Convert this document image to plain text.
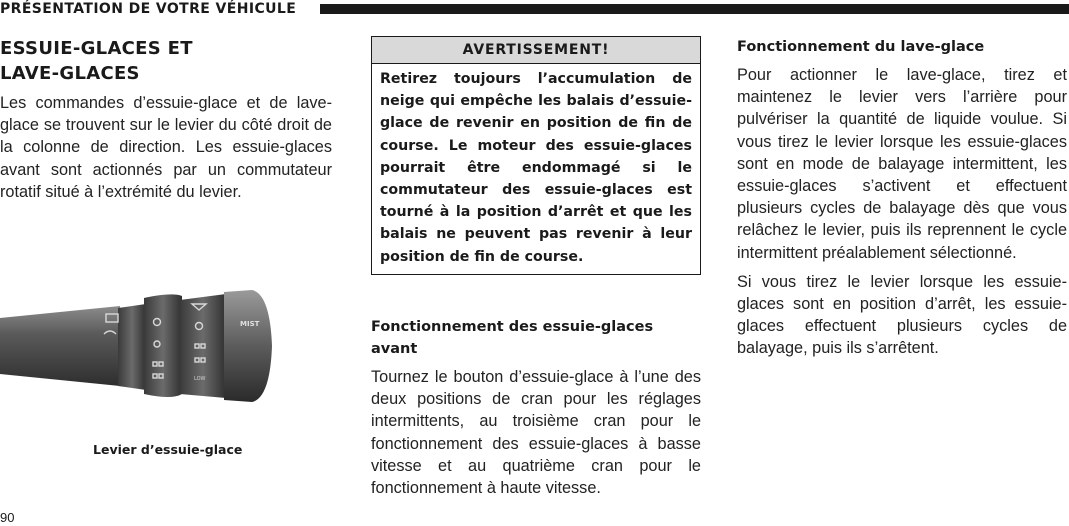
PRÉSENTATION DE VOTRE VÉHICULE
ESSUIE-GLACES ET LAVE-GLACES

Les commandes d’essuie-glace et de lave-glace se trouvent sur le levier du côté droit de la colonne de direction. Les essuie-glaces avant sont actionnés par un commutateur rotatif situé à l’extrémité du levier.

MIST
LOW
Levier d’essuie-glace
AVERTISSEMENT!

Retirez toujours l’accumulation de neige qui empêche les balais d’essuie-glace de revenir en position de fin de course. Le moteur des essuie-glaces pourrait être endommagé si le commutateur des essuie-glaces est tourné à la position d’arrêt et que les balais ne peuvent pas revenir à leur position de fin de course.

Fonctionnement des essuie-glaces avant

Tournez le bouton d’essuie-glace à l’une des deux positions de cran pour les réglages intermittents, au troisième cran pour le fonctionnement des essuie-glaces à basse vitesse et au quatrième cran pour le fonctionnement à haute vitesse.

Fonctionnement du lave-glace

Pour actionner le lave-glace, tirez et maintenez le levier vers l’arrière pour pulvériser la quantité de liquide voulue. Si vous tirez le levier lorsque les essuie-glaces sont en mode de balayage intermittent, les essuie-glaces s’activent et effectuent plusieurs cycles de balayage dès que vous relâchez le levier, puis ils reprennent le cycle intermittent préalablement sélectionné.

Si vous tirez le levier lorsque les essuie-glaces sont en position d’arrêt, les essuie-glaces effectuent plusieurs cycles de balayage, puis ils s’arrêtent.

90
